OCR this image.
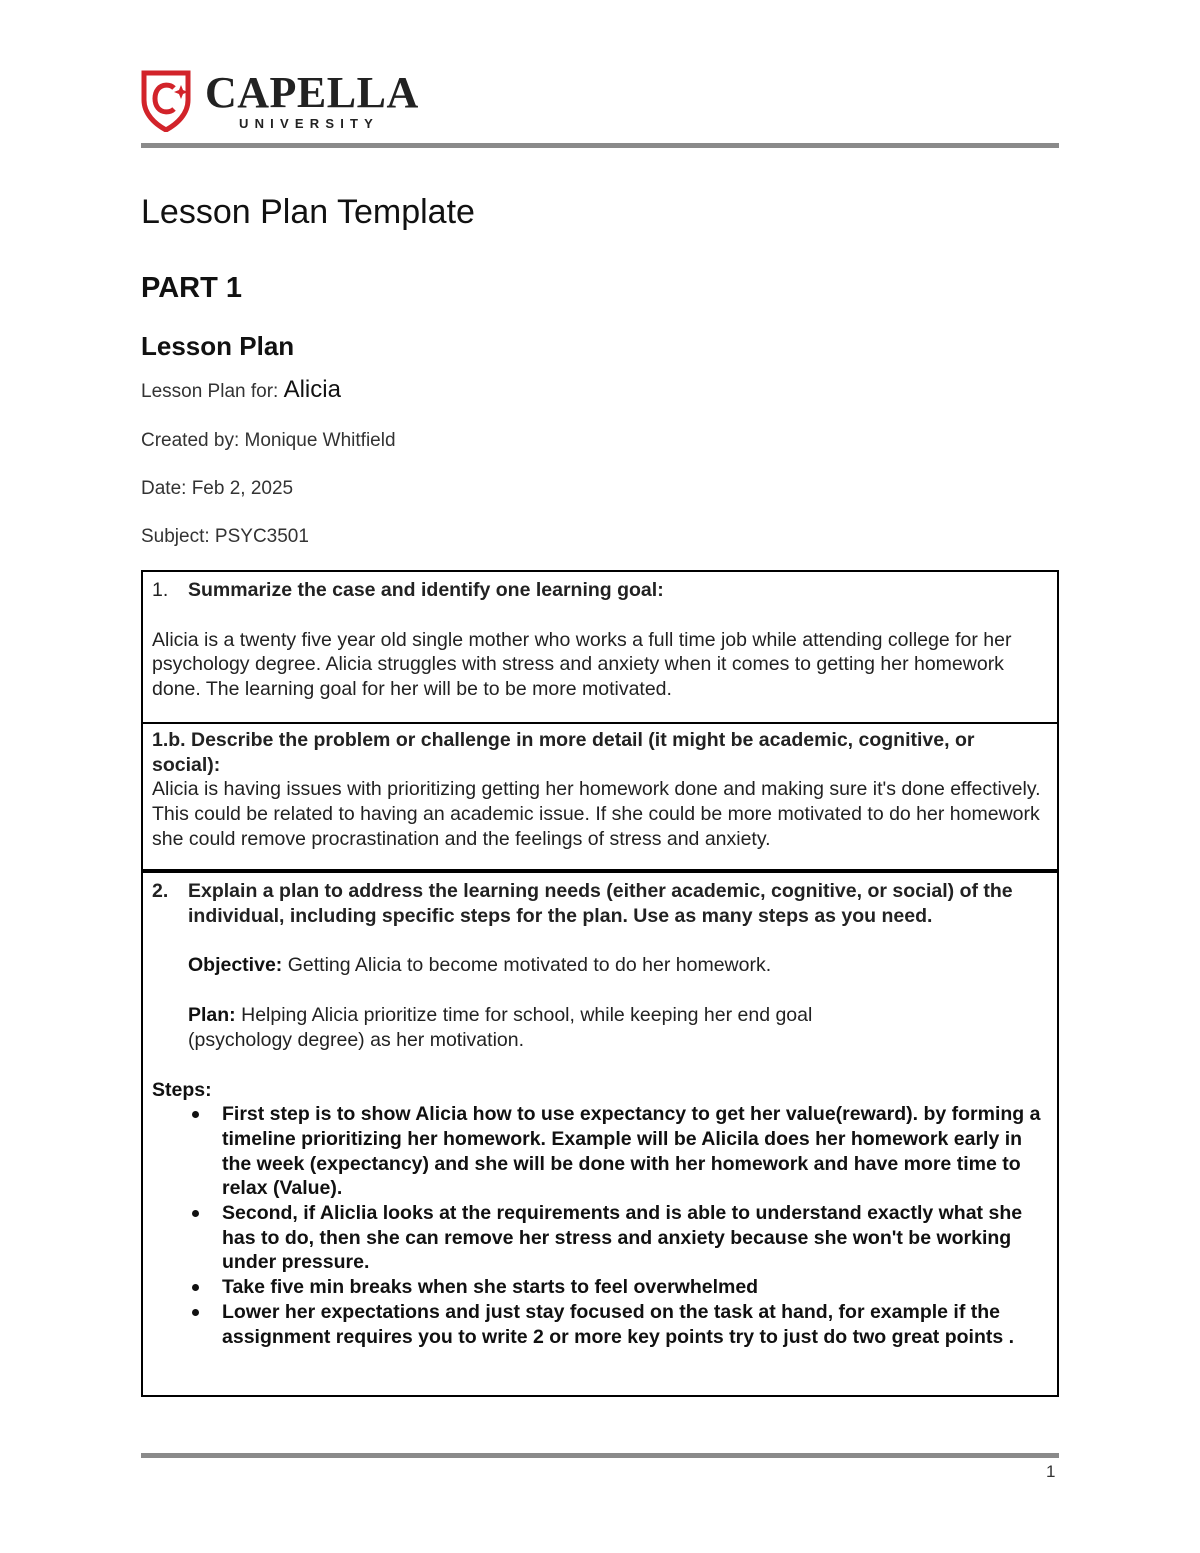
CAPELLA
UNIVERSITY
Lesson Plan Template
PART 1
Lesson Plan
Lesson Plan for: Alicia
Created by: Monique Whitfield
Date: Feb 2, 2025
Subject: PSYC3501
1. Summarize the case and identify one learning goal:
Alicia is a twenty five year old single mother who works a full time job while attending college for her psychology degree. Alicia struggles with stress and anxiety when it comes to getting her homework done. The learning goal for her will be to be more motivated.
1.b. Describe the problem or challenge in more detail (it might be academic, cognitive, or social):
Alicia is having issues with prioritizing getting her homework done and making sure it's done effectively. This could be related to having an academic issue. If she could be more motivated to do her homework she could remove procrastination and the feelings of stress and anxiety.
2.	Explain a plan to address the learning needs (either academic, cognitive, or social) of the individual, including specific steps for the plan. Use as many steps as you need.
Objective: Getting Alicia to become motivated to do her homework.
Plan: Helping Alicia prioritize time for school, while keeping her end goal
(psychology degree) as her motivation.
Steps:
First step is to show Alicia how to use expectancy to get her value(reward). by forming a timeline prioritizing her homework. Example will be Alicila does her homework early in the week (expectancy) and she will be done with her homework and have more time to relax (Value).
Second, if Aliclia looks at the requirements and is able to understand exactly what she has to do, then she can remove her stress and anxiety because she won't be working under pressure.
Take five min breaks when she starts to feel overwhelmed
Lower her expectations and just stay focused on the task at hand, for example if the assignment requires you to write 2 or more key points try to just do two great points .
1
